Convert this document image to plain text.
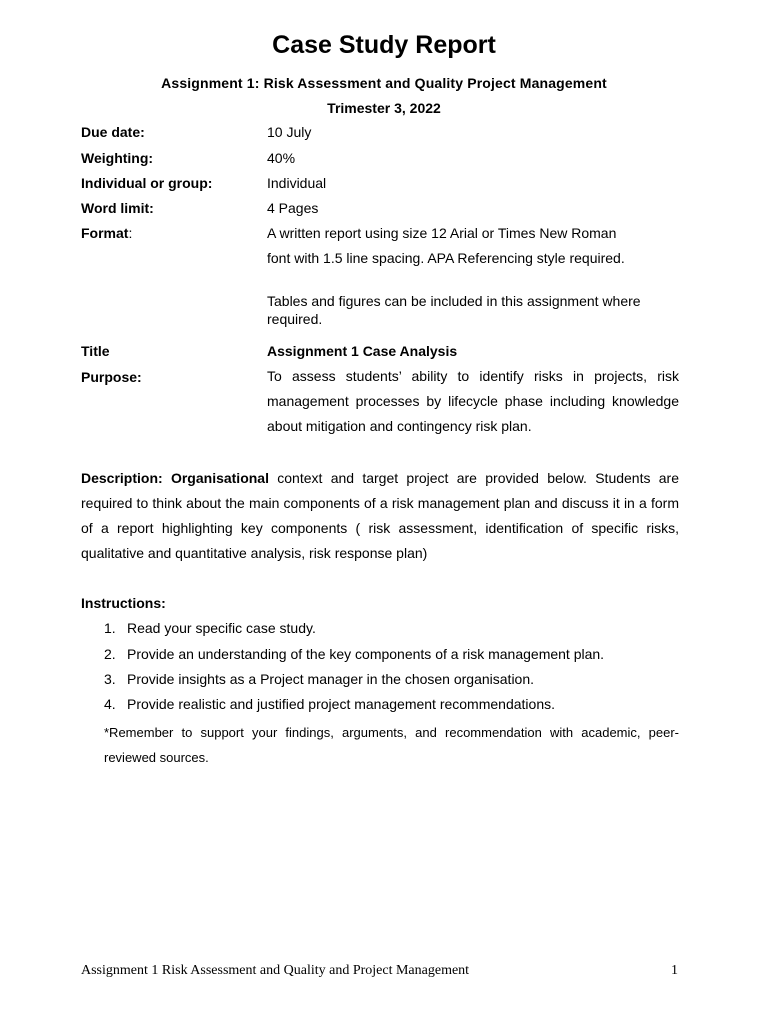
Case Study Report
Assignment 1: Risk Assessment and Quality Project Management
Trimester 3, 2022
Due date:	10 July
Weighting:	40%
Individual or group:	Individual
Word limit:	4 Pages
Format:	A written report using size 12 Arial or Times New Roman
font with 1.5 line spacing. APA Referencing style required.
Tables and figures can be included in this assignment where required.
Title	Assignment 1 Case Analysis
Purpose:	To assess students’ ability to identify risks in projects, risk management processes by lifecycle phase including knowledge about mitigation and contingency risk plan.
Description: Organisational context and target project are provided below. Students are required to think about the main components of a risk management plan and discuss it in a form of a report highlighting key components ( risk assessment, identification of specific risks, qualitative and quantitative analysis, risk response plan)
Instructions:
1. Read your specific case study.
2. Provide an understanding of the key components of a risk management plan.
3. Provide insights as a Project manager in the chosen organisation.
4. Provide realistic and justified project management recommendations.
*Remember to support your findings, arguments, and recommendation with academic, peer-reviewed sources.
Assignment 1 Risk Assessment and Quality and Project Management	1
